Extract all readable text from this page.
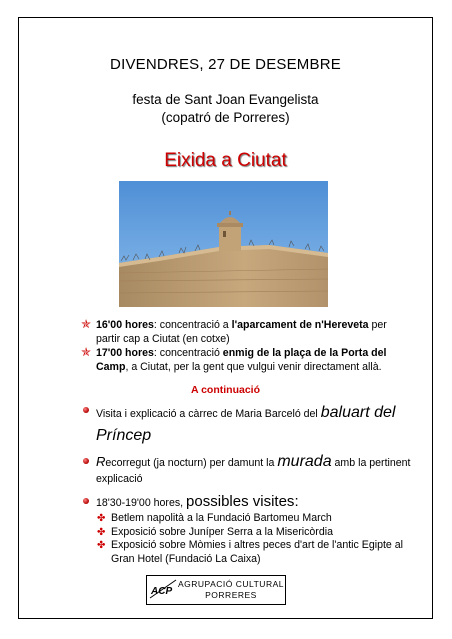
DIVENDRES, 27 DE DESEMBRE
festa de Sant Joan Evangelista
(copatró de Porreres)
Eixida a Ciutat
✯ 16'00 hores: concentració a l'aparcament de n'Hereveta per partir cap a Ciutat (en cotxe)
✯ 17'00 hores: concentració enmig de la plaça de la Porta del Camp, a Ciutat, per la gent que vulgui venir directament allà.
A continuació
Visita i explicació a càrrec de Maria Barceló del baluart del Príncep
Recorregut (ja nocturn) per damunt la murada amb la pertinent explicació
18'30-19'00 hores, possibles visites:
✤ Betlem napolità a la Fundació Bartomeu March
✤ Exposició sobre Juníper Serra a la Misericòrdia
✤ Exposició sobre Mòmies i altres peces d'art de l'antic Egipte al Gran Hotel (Fundació La Caixa)
ACP
AGRUPACIÓ CULTURAL
PORRERES
